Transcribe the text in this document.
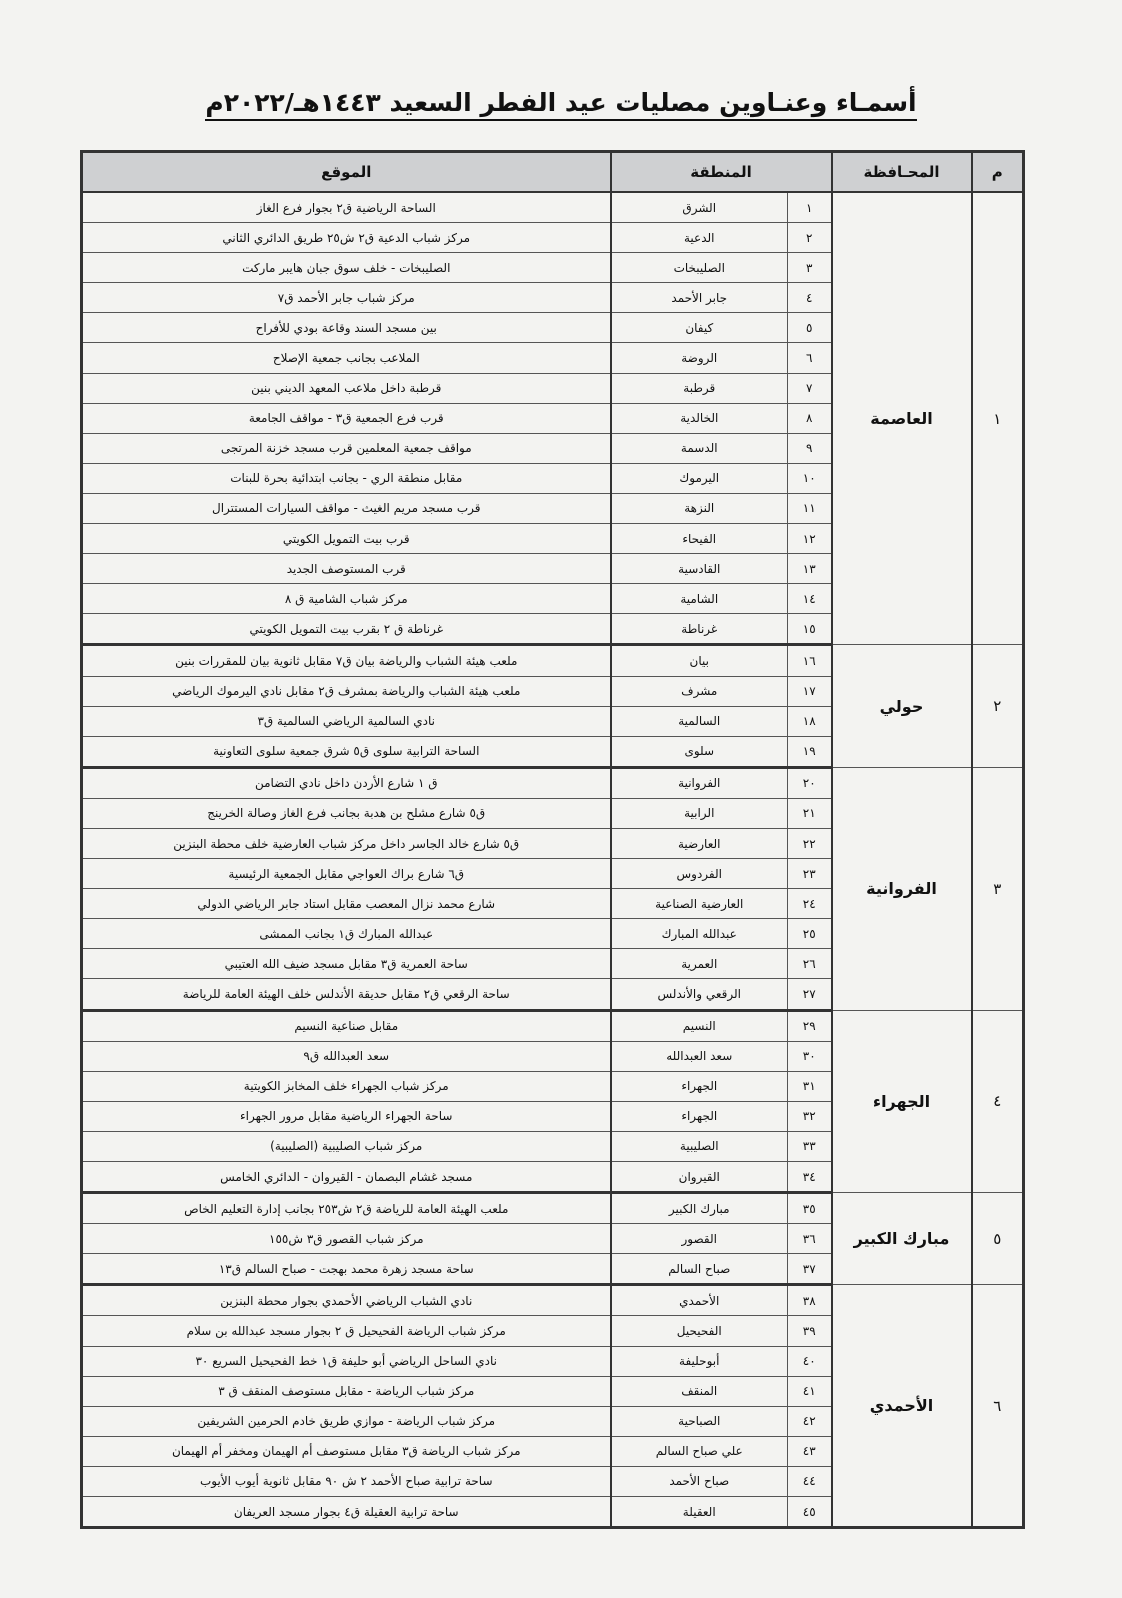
أسمـاء وعنـاوين مصليات عيد الفطر السعيد ١٤٤٣هـ/٢٠٢٢م
م	المحـافظة	المنطقة		الموقع
١	العاصمة	١	الشرق	الساحة الرياضية ق٢ بجوار فرع الغاز
		٢	الدعية	مركز شباب الدعية ق٢ ش٢٥ طريق الدائري الثاني
		٣	الصليبخات	الصليبخات - خلف سوق جبان هايبر ماركت
		٤	جابر الأحمد	مركز شباب جابر الأحمد ق٧
		٥	كيفان	بين مسجد السند وقاعة بودي للأفراح
		٦	الروضة	الملاعب بجانب جمعية الإصلاح
		٧	قرطبة	قرطبة داخل ملاعب المعهد الديني بنين
		٨	الخالدية	قرب فرع الجمعية ق٣ - مواقف الجامعة
		٩	الدسمة	مواقف جمعية المعلمين قرب مسجد خزنة المرتجى
		١٠	اليرموك	مقابل منطقة الري - بجانب ابتدائية بحرة للبنات
		١١	النزهة	قرب مسجد مريم الغيث - مواقف السيارات المستترال
		١٢	الفيحاء	قرب بيت التمويل الكويتي
		١٣	القادسية	قرب المستوصف الجديد
		١٤	الشامية	مركز شباب الشامية ق ٨
		١٥	غرناطة	غرناطة ق ٢ بقرب بيت التمويل الكويتي
٢	حولي	١٦	بيان	ملعب هيئة الشباب والرياضة بيان ق٧ مقابل ثانوية بيان للمقررات بنين
		١٧	مشرف	ملعب هيئة الشباب والرياضة بمشرف ق٢ مقابل نادي اليرموك الرياضي
		١٨	السالمية	نادي السالمية الرياضي السالمية ق٣
		١٩	سلوى	الساحة الترابية سلوى ق٥ شرق جمعية سلوى التعاونية
٣	الفروانية	٢٠	الفروانية	ق ١ شارع الأردن داخل نادي التضامن
		٢١	الرابية	ق٥ شارع مشلح بن هدبة بجانب فرع الغاز وصالة الخرينج
		٢٢	العارضية	ق٥ شارع خالد الجاسر داخل مركز شباب العارضية خلف محطة البنزين
		٢٣	الفردوس	ق٦ شارع براك العواجي مقابل الجمعية الرئيسية
		٢٤	العارضية الصناعية	شارع محمد نزال المعصب مقابل استاد جابر الرياضي الدولي
		٢٥	عبدالله المبارك	عبدالله المبارك ق١ بجانب الممشى
		٢٦	العمرية	ساحة العمرية ق٣ مقابل مسجد ضيف الله العتيبي
		٢٧	الرقعي والأندلس	ساحة الرقعي ق٢ مقابل حديقة الأندلس خلف الهيئة العامة للرياضة
٤	الجهراء	٢٩	النسيم	مقابل صناعية النسيم
		٣٠	سعد العبدالله	سعد العبدالله ق٩
		٣١	الجهراء	مركز شباب الجهراء خلف المخابز الكويتية
		٣٢	الجهراء	ساحة الجهراء الرياضية مقابل مرور الجهراء
		٣٣	الصليبية	مركز شباب الصليبية (الصليبية)
		٣٤	القيروان	مسجد غشام البصمان - القيروان - الدائري الخامس
٥	مبارك الكبير	٣٥	مبارك الكبير	ملعب الهيئة العامة للرياضة ق٢ ش٢٥٣ بجانب إدارة التعليم الخاص
		٣٦	القصور	مركز شباب القصور ق٣ ش١٥٥
		٣٧	صباح السالم	ساحة مسجد زهرة محمد بهجت - صباح السالم ق١٣
٦	الأحمدي	٣٨	الأحمدي	نادي الشباب الرياضي الأحمدي بجوار محطة البنزين
		٣٩	الفحيحيل	مركز شباب الرياضة الفحيحيل ق ٢ بجوار مسجد عبدالله بن سلام
		٤٠	أبوحليفة	نادي الساحل الرياضي أبو حليفة ق١ خط الفحيحيل السريع ٣٠
		٤١	المنقف	مركز شباب الرياضة - مقابل مستوصف المنقف ق ٣
		٤٢	الصباحية	مركز شباب الرياضة - موازي طريق خادم الحرمين الشريفين
		٤٣	علي صباح السالم	مركز شباب الرياضة ق٣ مقابل مستوصف أم الهيمان ومخفر أم الهيمان
		٤٤	صباح الأحمد	ساحة ترابية صباح الأحمد ٢ ش ٩٠ مقابل ثانوية أيوب الأيوب
		٤٥	العقيلة	ساحة ترابية العقيلة ق٤ بجوار مسجد العريفان
